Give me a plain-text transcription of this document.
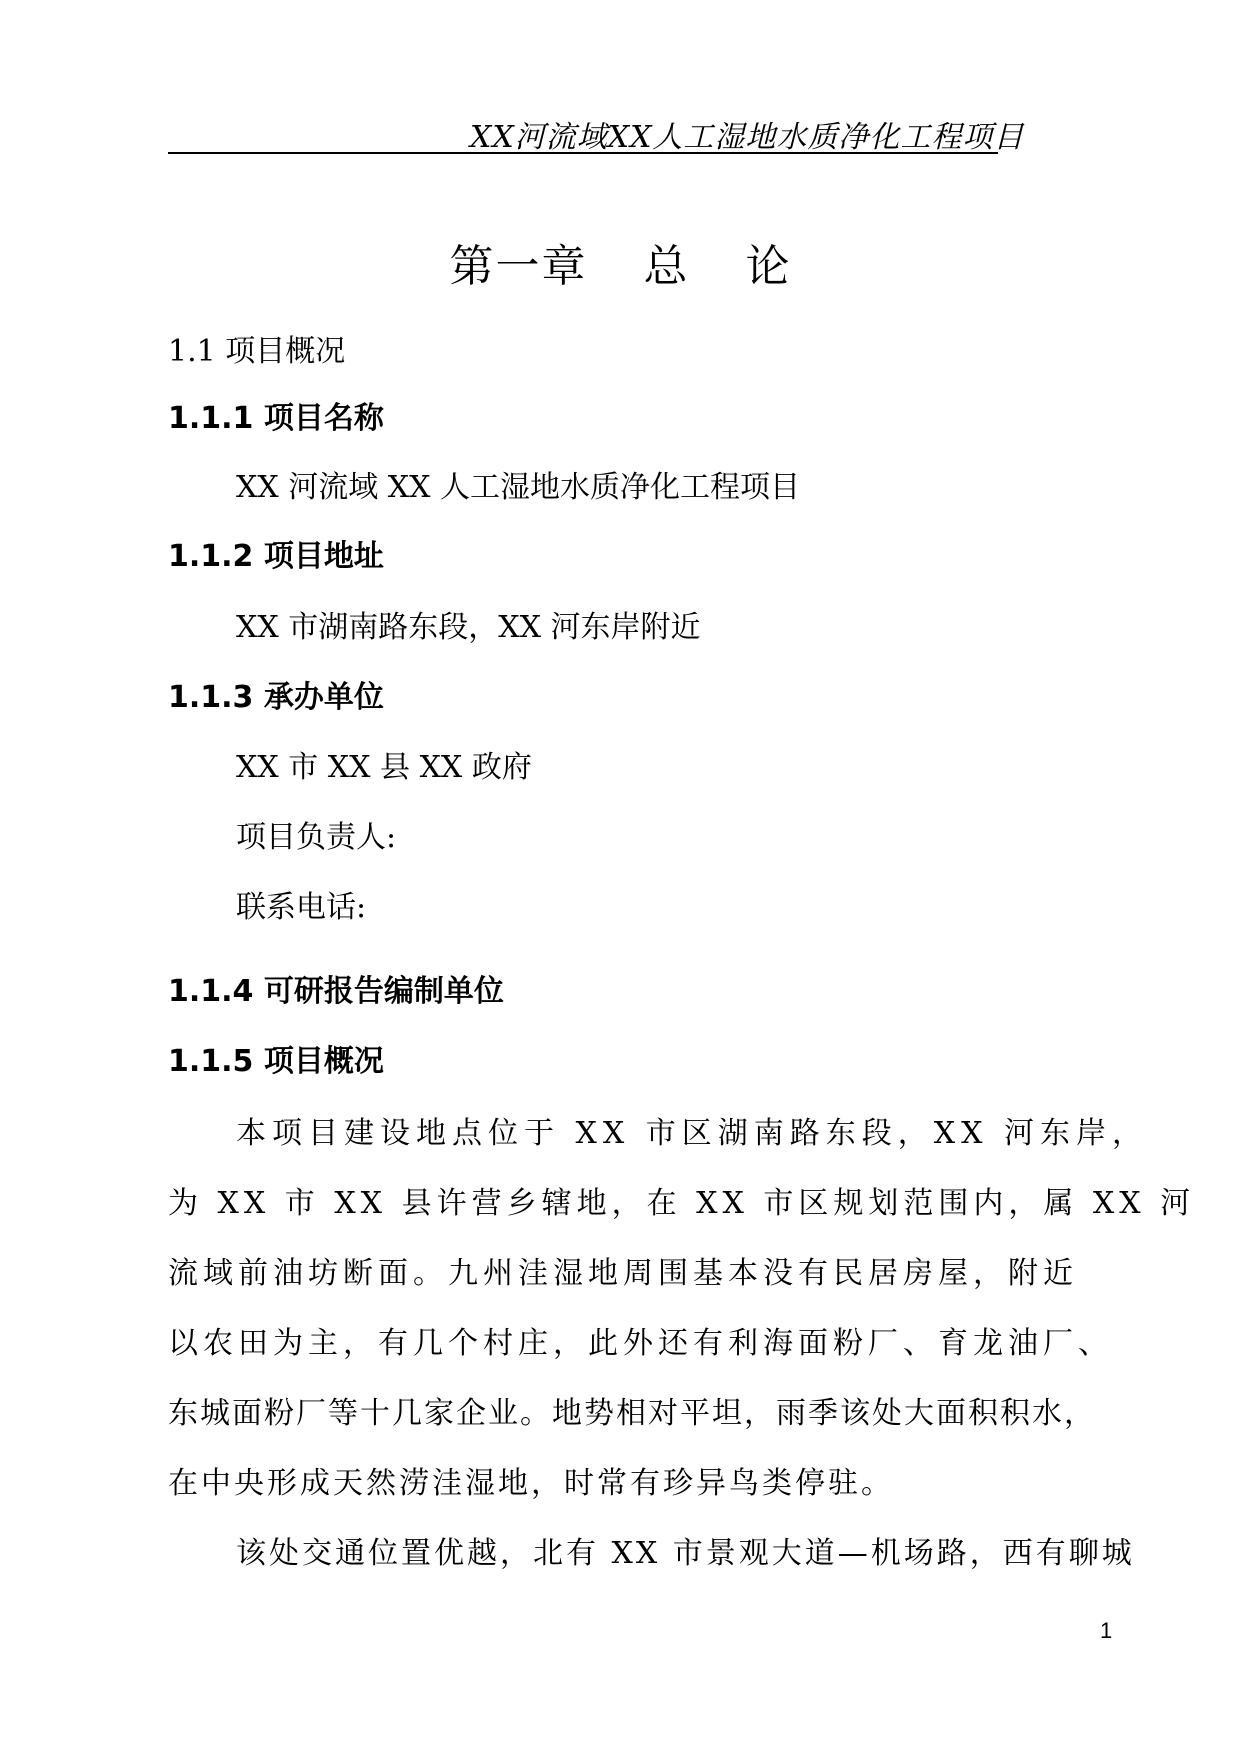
XX河流域XX人工湿地水质净化工程项目
第一章 总 论
1.1 项目概况
1.1.1 项目名称
XX 河流域 XX 人工湿地水质净化工程项目
1.1.2 项目地址
XX 市湖南路东段，XX 河东岸附近
1.1.3 承办单位
XX 市 XX 县 XX 政府
项目负责人:
联系电话:
1.1.4 可研报告编制单位
1.1.5 项目概况
本项目建设地点位于 XX 市区湖南路东段，XX 河东岸，
为 XX 市 XX 县许营乡辖地，在 XX 市区规划范围内，属 XX 河
流域前油坊断面。九州洼湿地周围基本没有民居房屋，附近
以农田为主，有几个村庄，此外还有利海面粉厂、育龙油厂、
东城面粉厂等十几家企业。地势相对平坦，雨季该处大面积积水，
在中央形成天然涝洼湿地，时常有珍异鸟类停驻。
该处交通位置优越，北有 XX 市景观大道—机场路，西有聊城
1
